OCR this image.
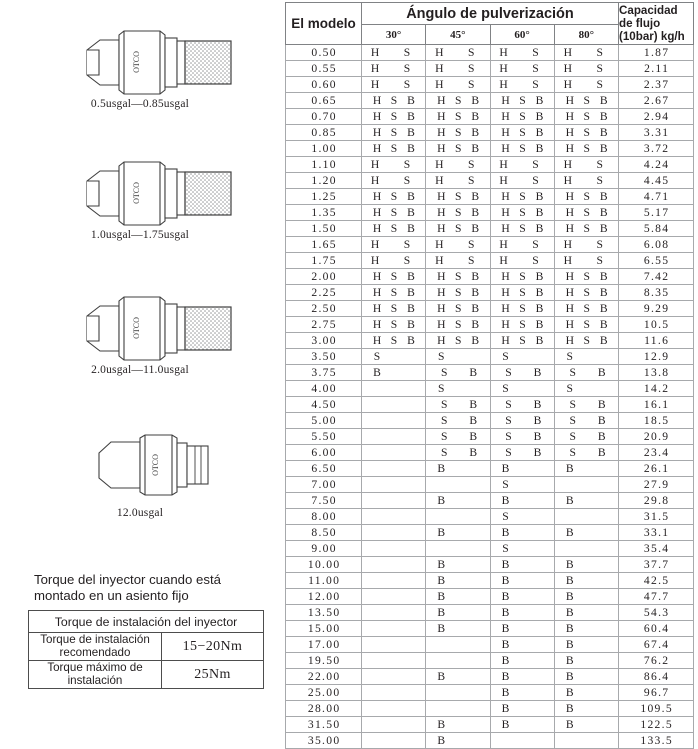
OTCO
0.5usgal—0.85usgal
OTCO
1.0usgal—1.75usgal
OTCO
2.0usgal—11.0usgal
OTCO
12.0usgal
Torque del inyector cuando está montado en un asiento fijo
Torque de instalación del inyector	
Torque de instalación recomendado	15−20Nm
Torque máximo de instalación	25Nm
El modelo	Ángulo de pulverización				Capacidad
de flujo
(10bar) kg/h

	30°	45°	60°	80°	
0.50	H S	H S	H S	H S	1.87
0.55	H S	H S	H S	H S	2.11
0.60	H S	H S	H S	H S	2.37
0.65	H S B	H S B	H S B	H S B	2.67
0.70	H S B	H S B	H S B	H S B	2.94
0.85	H S B	H S B	H S B	H S B	3.31
1.00	H S B	H S B	H S B	H S B	3.72
1.10	H S	H S	H S	H S	4.24
1.20	H S	H S	H S	H S	4.45
1.25	H S B	H S B	H S B	H S B	4.71
1.35	H S B	H S B	H S B	H S B	5.17
1.50	H S B	H S B	H S B	H S B	5.84
1.65	H S	H S	H S	H S	6.08
1.75	H S	H S	H S	H S	6.55
2.00	H S B	H S B	H S B	H S B	7.42
2.25	H S B	H S B	H S B	H S B	8.35
2.50	H S B	H S B	H S B	H S B	9.29
2.75	H S B	H S B	H S B	H S B	10.5
3.00	H S B	H S B	H S B	H S B	11.6
3.50	S	S	S	S	12.9
3.75	B	S B	S B	S B	13.8
4.00		S	S	S	14.2
4.50		S B	S B	S B	16.1
5.00		S B	S B	S B	18.5
5.50		S B	S B	S B	20.9
6.00		S B	S B	S B	23.4
6.50		B	B	B	26.1
7.00			S		27.9
7.50		B	B	B	29.8
8.00			S		31.5
8.50		B	B	B	33.1
9.00			S		35.4
10.00		B	B	B	37.7
11.00		B	B	B	42.5
12.00		B	B	B	47.7
13.50		B	B	B	54.3
15.00		B	B	B	60.4
17.00			B	B	67.4
19.50			B	B	76.2
22.00		B	B	B	86.4
25.00			B	B	96.7
28.00			B	B	109.5
31.50		B	B	B	122.5
35.00		B			133.5
